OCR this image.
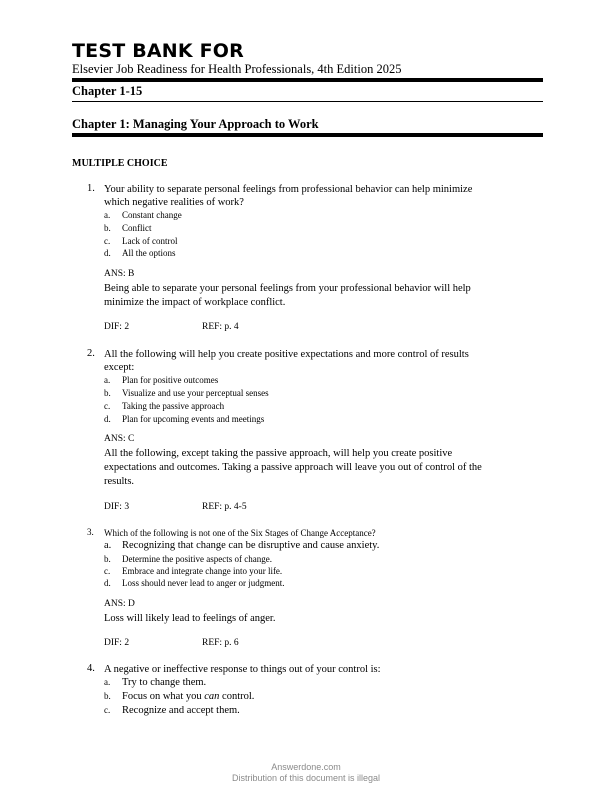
TEST BANK FOR
Elsevier Job Readiness for Health Professionals, 4th Edition 2025
Chapter 1-15
Chapter 1: Managing Your Approach to Work
MULTIPLE CHOICE
1. Your ability to separate personal feelings from professional behavior can help minimize
which negative realities of work?
a. Constant change
b. Conflict
c. Lack of control
d. All the options
ANS: B
Being able to separate your personal feelings from your professional behavior will help
minimize the impact of workplace conflict.
DIF: 2	REF: p. 4
2. All the following will help you create positive expectations and more control of results
except:
a. Plan for positive outcomes
b. Visualize and use your perceptual senses
c. Taking the passive approach
d. Plan for upcoming events and meetings
ANS: C
All the following, except taking the passive approach, will help you create positive
expectations and outcomes. Taking a passive approach will leave you out of control of the
results.
DIF: 3	REF: p. 4-5
3. Which of the following is not one of the Six Stages of Change Acceptance?
a. Recognizing that change can be disruptive and cause anxiety.
b. Determine the positive aspects of change.
c. Embrace and integrate change into your life.
d. Loss should never lead to anger or judgment.
ANS: D
Loss will likely lead to feelings of anger.
DIF: 2	REF: p. 6
4. A negative or ineffective response to things out of your control is:
a. Try to change them.
b. Focus on what you can control.
c. Recognize and accept them.
Answerdone.com
Distribution of this document is illegal
